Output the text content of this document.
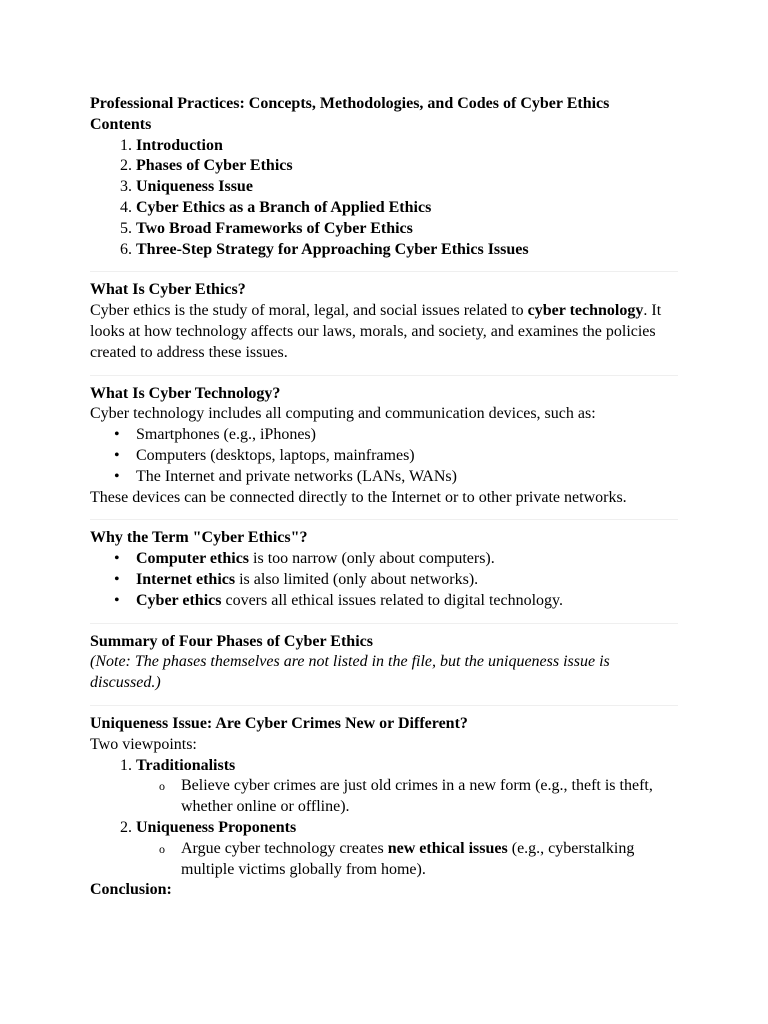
Professional Practices: Concepts, Methodologies, and Codes of Cyber Ethics
Contents
1. Introduction
2. Phases of Cyber Ethics
3. Uniqueness Issue
4. Cyber Ethics as a Branch of Applied Ethics
5. Two Broad Frameworks of Cyber Ethics
6. Three-Step Strategy for Approaching Cyber Ethics Issues
What Is Cyber Ethics?
Cyber ethics is the study of moral, legal, and social issues related to cyber technology. It looks at how technology affects our laws, morals, and society, and examines the policies created to address these issues.
What Is Cyber Technology?
Cyber technology includes all computing and communication devices, such as:
• Smartphones (e.g., iPhones)
• Computers (desktops, laptops, mainframes)
• The Internet and private networks (LANs, WANs)
These devices can be connected directly to the Internet or to other private networks.
Why the Term "Cyber Ethics"?
• Computer ethics is too narrow (only about computers).
• Internet ethics is also limited (only about networks).
• Cyber ethics covers all ethical issues related to digital technology.
Summary of Four Phases of Cyber Ethics
(Note: The phases themselves are not listed in the file, but the uniqueness issue is discussed.)
Uniqueness Issue: Are Cyber Crimes New or Different?
Two viewpoints:
1. Traditionalists
o Believe cyber crimes are just old crimes in a new form (e.g., theft is theft, whether online or offline).
2. Uniqueness Proponents
o Argue cyber technology creates new ethical issues (e.g., cyberstalking multiple victims globally from home).
Conclusion:
